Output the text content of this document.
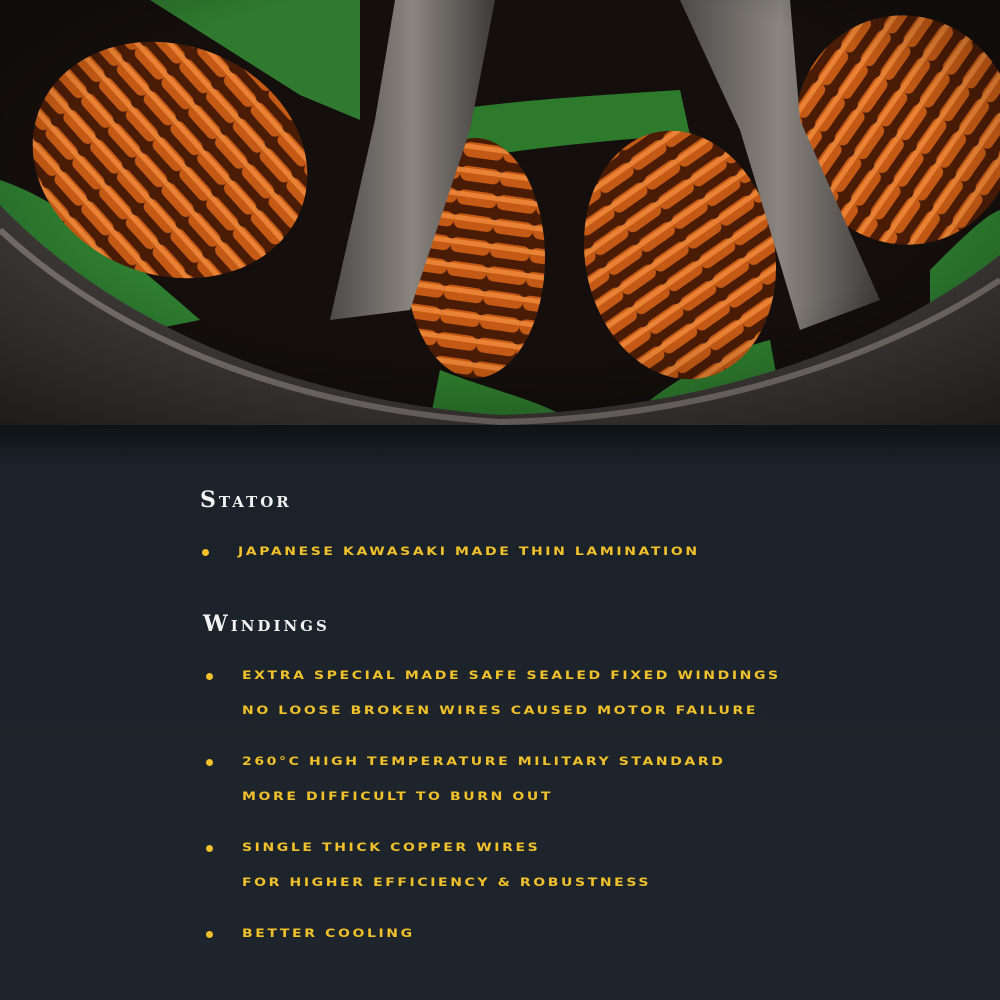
Stator
JAPANESE KAWASAKI MADE THIN LAMINATION
Windings
EXTRA SPECIAL MADE SAFE SEALED FIXED WINDINGS
NO LOOSE BROKEN WIRES CAUSED MOTOR FAILURE
260°C HIGH TEMPERATURE MILITARY STANDARD
MORE DIFFICULT TO BURN OUT
SINGLE THICK COPPER WIRES
FOR HIGHER EFFICIENCY & ROBUSTNESS
BETTER COOLING
